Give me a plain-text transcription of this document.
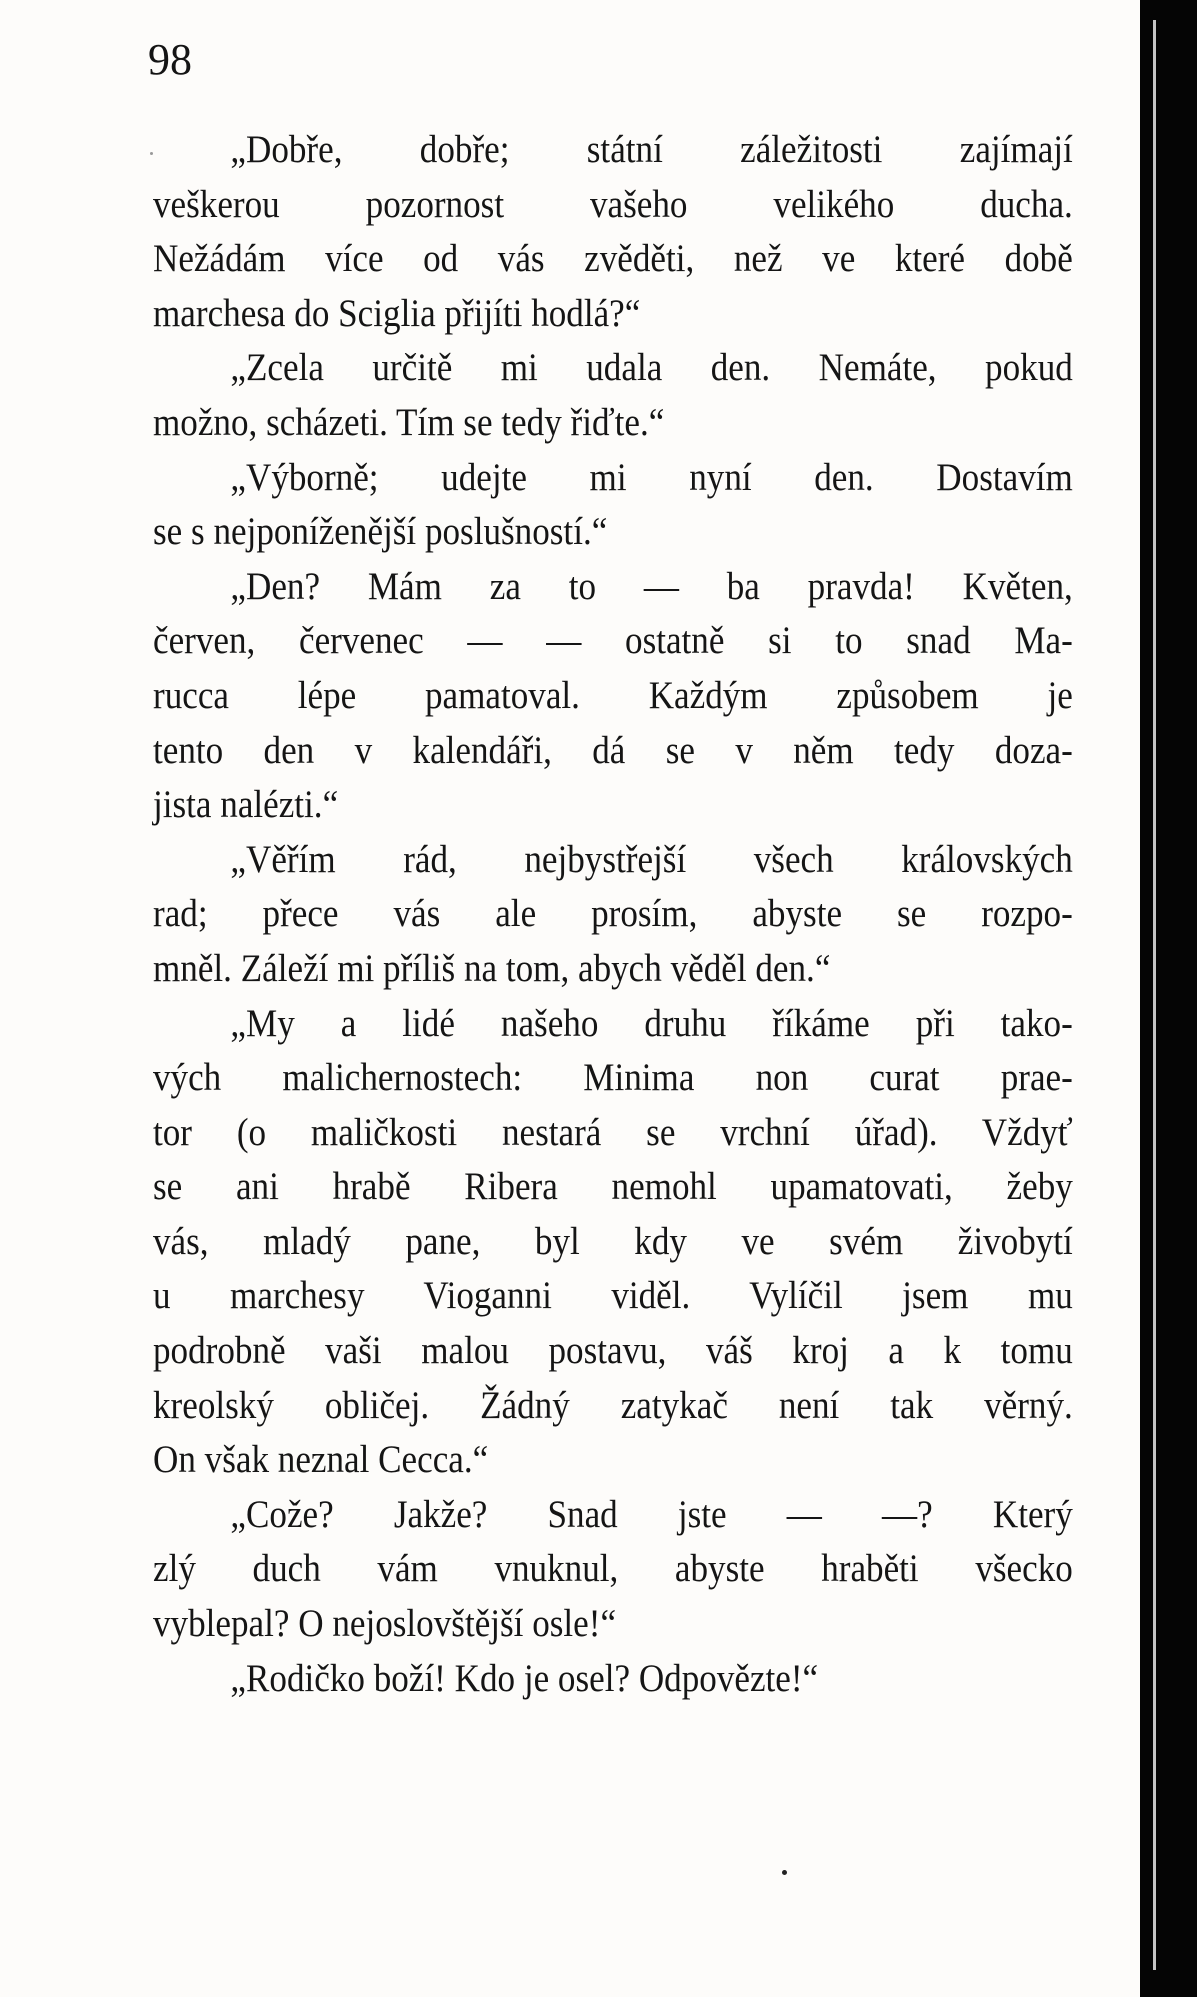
98
„Dobře, dobře; státní záležitosti zajímají
veškerou pozornost vašeho velikého ducha.
Nežádám více od vás zvěděti, než ve které době
marchesa do Sciglia přijíti hodlá?“
„Zcela určitě mi udala den. Nemáte, pokud
možno, scházeti. Tím se tedy řiďte.“
„Výborně; udejte mi nyní den. Dostavím
se s nejponíženější poslušností.“
„Den? Mám za to — ba pravda! Květen,
červen, červenec — — ostatně si to snad Ma-
rucca lépe pamatoval. Každým způsobem je
tento den v kalendáři, dá se v něm tedy doza-
jista nalézti.“
„Věřím rád, nejbystřejší všech královských
rad; přece vás ale prosím, abyste se rozpo-
mněl. Záleží mi příliš na tom, abych věděl den.“
„My a lidé našeho druhu říkáme při tako-
vých malichernostech: Minima non curat prae-
tor (o maličkosti nestará se vrchní úřad). Vždyť
se ani hrabě Ribera nemohl upamatovati, žeby
vás, mladý pane, byl kdy ve svém živobytí
u marchesy Vioganni viděl. Vylíčil jsem mu
podrobně vaši malou postavu, váš kroj a k tomu
kreolský obličej. Žádný zatykač není tak věrný.
On však neznal Cecca.“
„Cože? Jakže? Snad jste — —? Který
zlý duch vám vnuknul, abyste hraběti všecko
vyblepal? O nejoslovštější osle!“
„Rodičko boží! Kdo je osel? Odpovězte!“
